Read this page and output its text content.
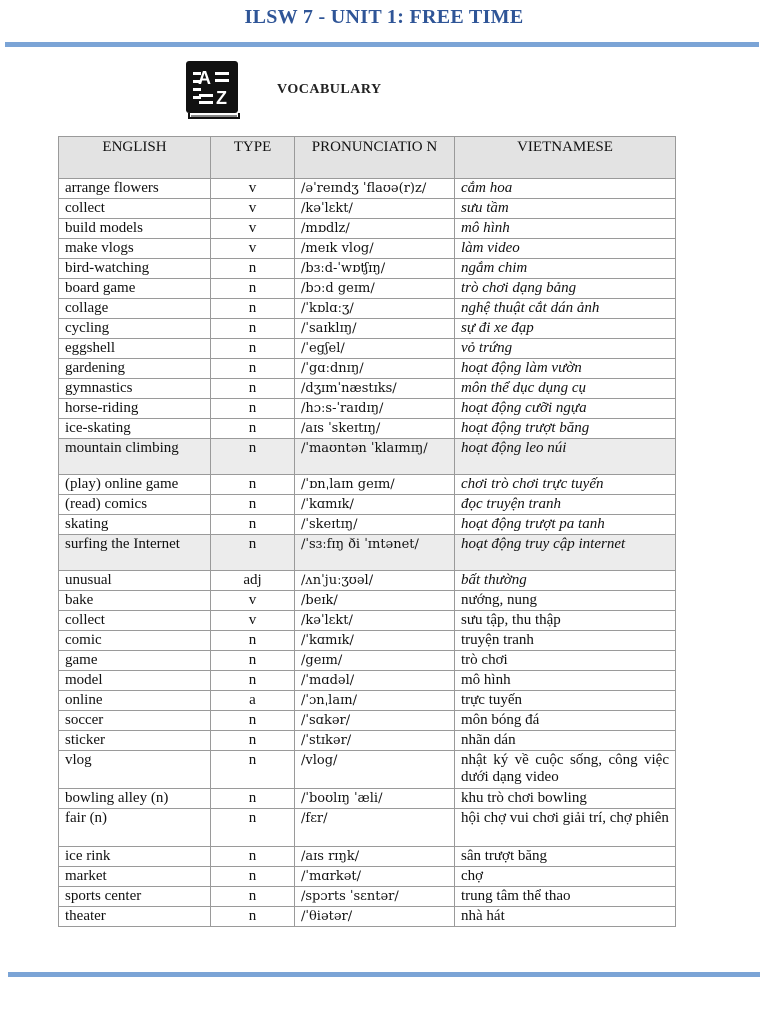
ILSW 7 - UNIT 1: FREE TIME
A
Z	VOCABULARY
ENGLISH	TYPE	PRONUNCIATIO N	VIETNAMESE
arrange flowers	v	/əˈreɪndʒ ˈflaʊə(r)z/	cắm hoa
collect	v	/kəˈlɛkt/	sưu tầm
build models	v	/mɒdlz/	mô hình
make vlogs	v	/meɪk vlog/	làm video
bird-watching	n	/bɜːd-ˈwɒʧɪŋ/	ngắm chim
board game	n	/bɔːd geɪm/	trò chơi dạng bảng
collage	n	/ˈkɒlɑːʒ/	nghệ thuật cắt dán ảnh
cycling	n	/ˈsaɪklɪŋ/	sự đi xe đạp
eggshell	n	/ˈegʃel/	vỏ trứng
gardening	n	/ˈgɑːdnɪŋ/	hoạt động làm vườn
gymnastics	n	/dʒɪmˈnæstɪks/	môn thể dục dụng cụ
horse-riding	n	/hɔːs-ˈraɪdɪŋ/	hoạt động cưỡi ngựa
ice-skating	n	/aɪs ˈskeɪtɪŋ/	hoạt động trượt băng
mountain climbing	n	/ˈmaʊntən ˈklaɪmɪŋ/	hoạt động leo núi
(play) online game	n	/ˈɒnˌlaɪn geɪm/	chơi trò chơi trực tuyến
(read) comics	n	/ˈkɑmɪk/	đọc truyện tranh
skating	n	/ˈskeɪtɪŋ/	hoạt động trượt pa tanh
surfing the Internet	n	/ˈsɜːfɪŋ ði ˈɪntənet/	hoạt động truy cập internet
unusual	adj	/ʌnˈjuːʒʊəl/	bất thường
bake	v	/beɪk/	nướng, nung
collect	v	/kəˈlɛkt/	sưu tập, thu thập
comic	n	/ˈkɑmɪk/	truyện tranh
game	n	/geɪm/	trò chơi
model	n	/ˈmɑdəl/	mô hình
online	a	/ˈɔnˌlaɪn/	trực tuyến
soccer	n	/ˈsɑkər/	môn bóng đá
sticker	n	/ˈstɪkər/	nhãn dán
vlog	n	/vlog/	nhật ký về cuộc sống, công việc dưới dạng video
bowling alley (n)	n	/ˈboʊlɪŋ ˈæli/	khu trò chơi bowling
fair (n)	n	/fɛr/	hội chợ vui chơi giải trí, chợ phiên
ice rink	n	/aɪs rɪŋk/	sân trượt băng
market	n	/ˈmɑrkət/	chợ
sports center	n	/spɔrts ˈsɛntər/	trung tâm thể thao
theater	n	/ˈθiətər/	nhà hát
